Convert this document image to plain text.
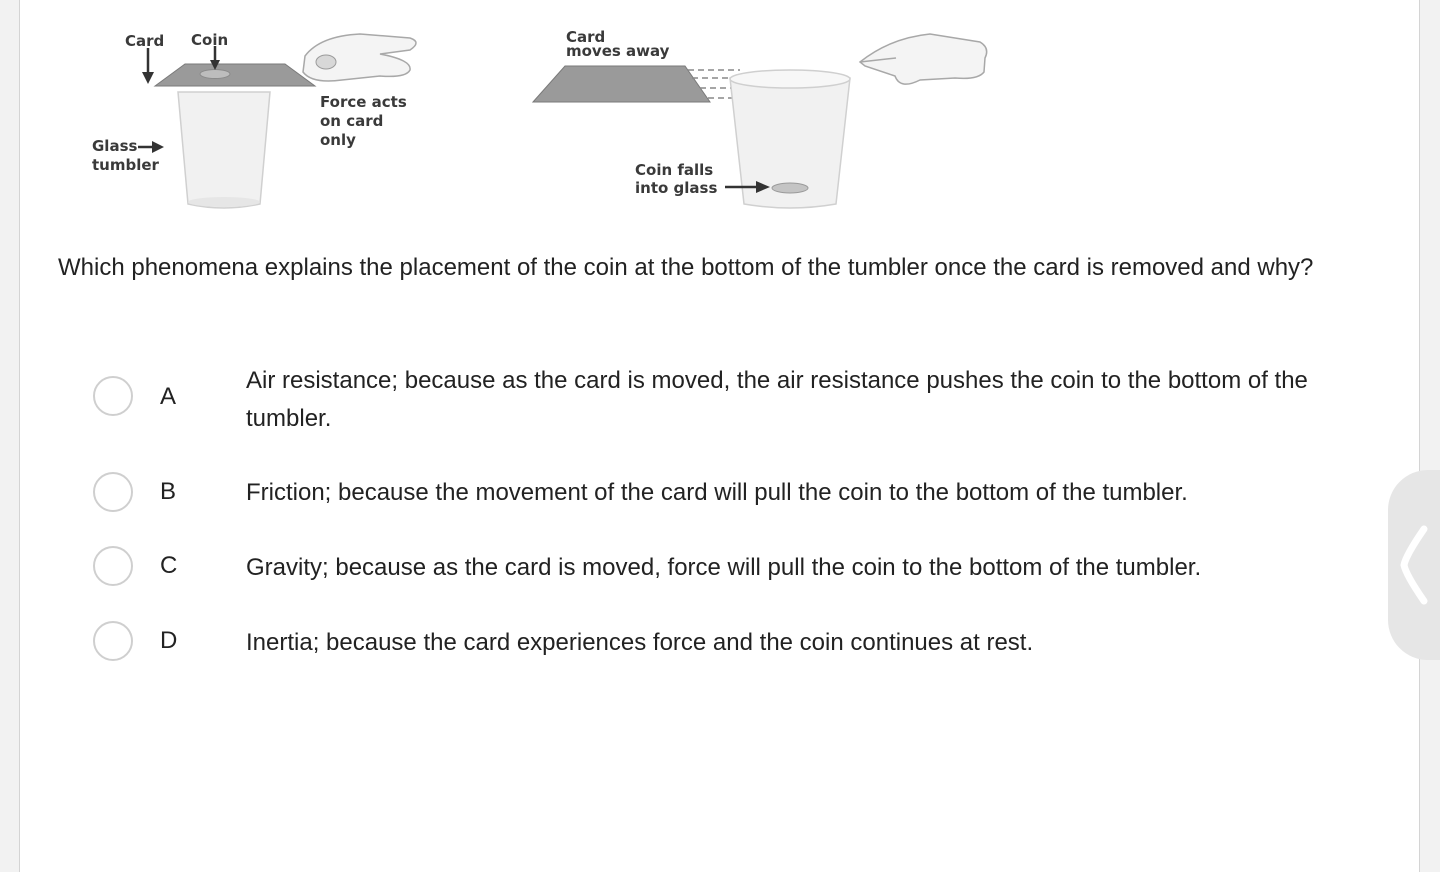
Card Coin
Glass
tumbler
Force acts
on card
only
Card
moves away
Coin falls
into glass

Which phenomena explains the placement of the coin at the bottom of the tumbler once the card is removed and why?

A
Air resistance; because as the card is moved, the air resistance pushes the coin to the bottom of the tumbler.
B	Friction; because the movement of the card will pull the coin to the bottom of the tumbler.
C	Gravity; because as the card is moved, force will pull the coin to the bottom of the tumbler.
D	Inertia; because the card experiences force and the coin continues at rest.
